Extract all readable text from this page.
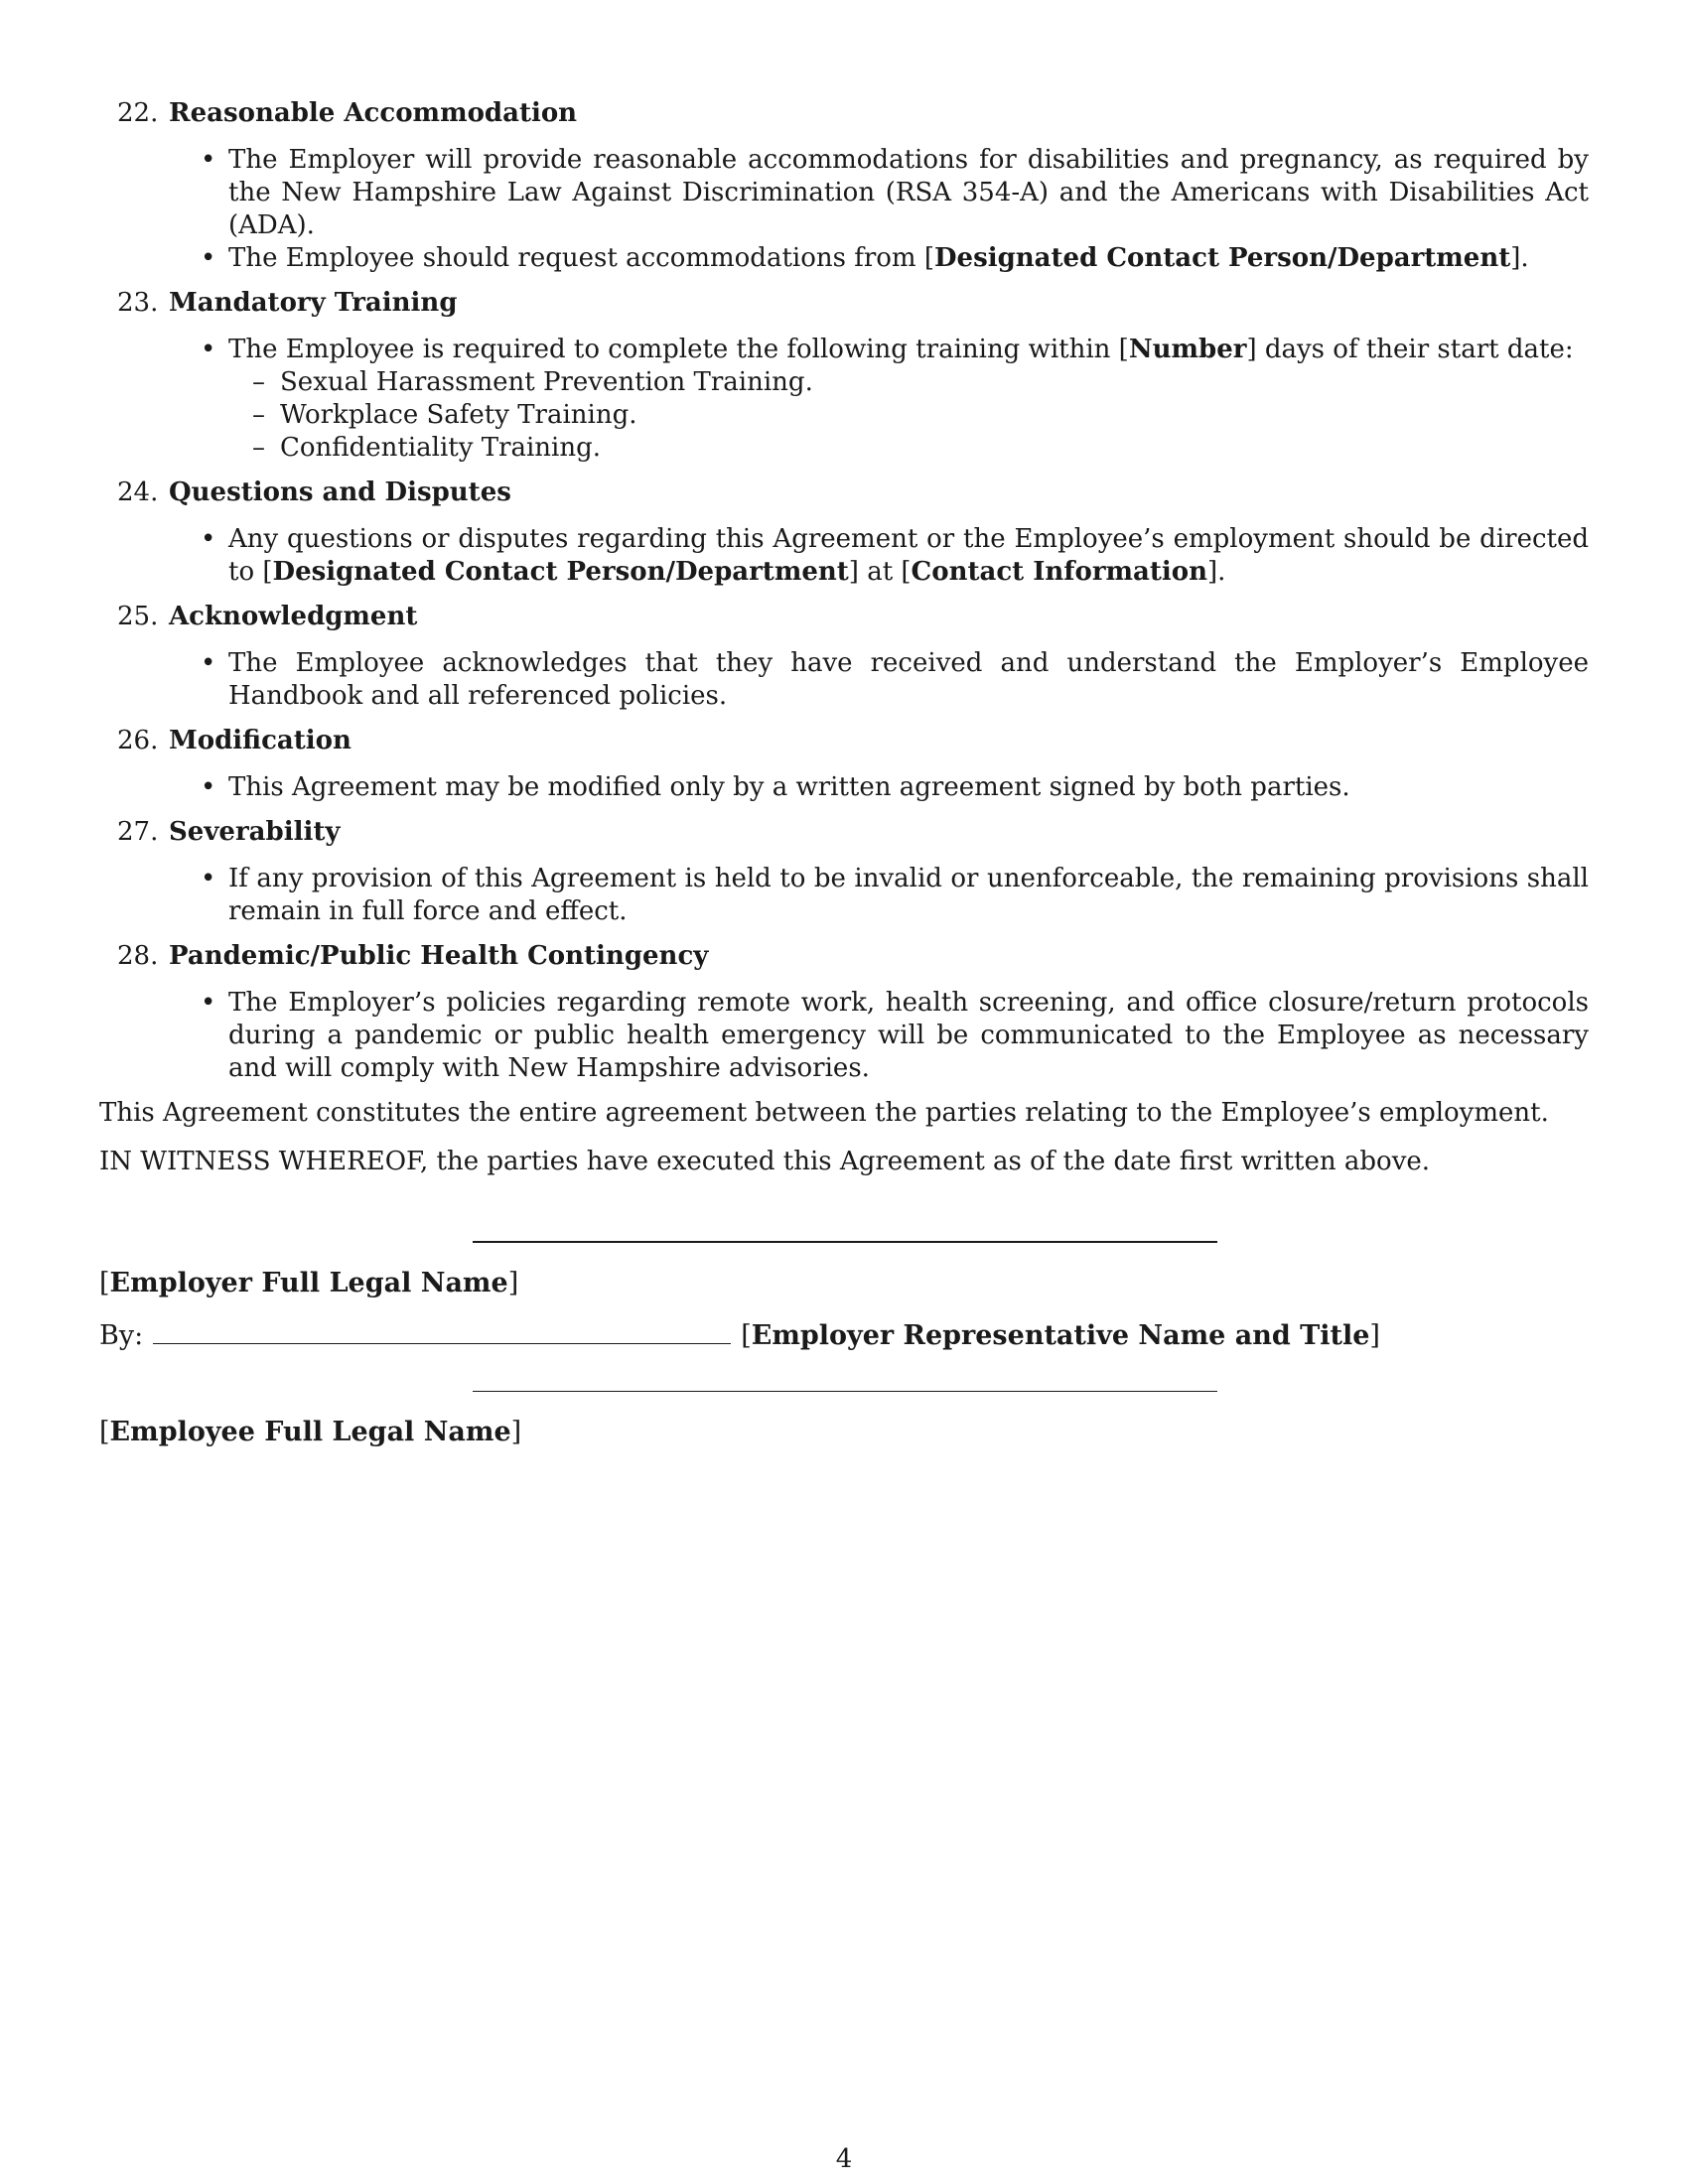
22. Reasonable Accommodation
• The Employer will provide reasonable accommodations for disabilities and pregnancy, as required by the New Hampshire Law Against Discrimination (RSA 354-A) and the Americans with Disabilities Act (ADA).
• The Employee should request accommodations from [Designated Contact Person/Department].
23. Mandatory Training
• The Employee is required to complete the following training within [Number] days of their start date:
– Sexual Harassment Prevention Training.
– Workplace Safety Training.
– Confidentiality Training.
24. Questions and Disputes
• Any questions or disputes regarding this Agreement or the Employee’s employment should be directed to [Designated Contact Person/Department] at [Contact Information].
25. Acknowledgment
• The Employee acknowledges that they have received and understand the Employer’s Employee Handbook and all referenced policies.
26. Modification
• This Agreement may be modified only by a written agreement signed by both parties.
27. Severability
• If any provision of this Agreement is held to be invalid or unenforceable, the remaining provisions shall remain in full force and effect.
28. Pandemic/Public Health Contingency
• The Employer’s policies regarding remote work, health screening, and office closure/return protocols during a pandemic or public health emergency will be communicated to the Employee as necessary and will comply with New Hampshire advisories.

This Agreement constitutes the entire agreement between the parties relating to the Employee’s employment.

IN WITNESS WHEREOF, the parties have executed this Agreement as of the date first written above.

[Employer Full Legal Name]
By:	[Employer Representative Name and Title]
[Employee Full Legal Name]
4
